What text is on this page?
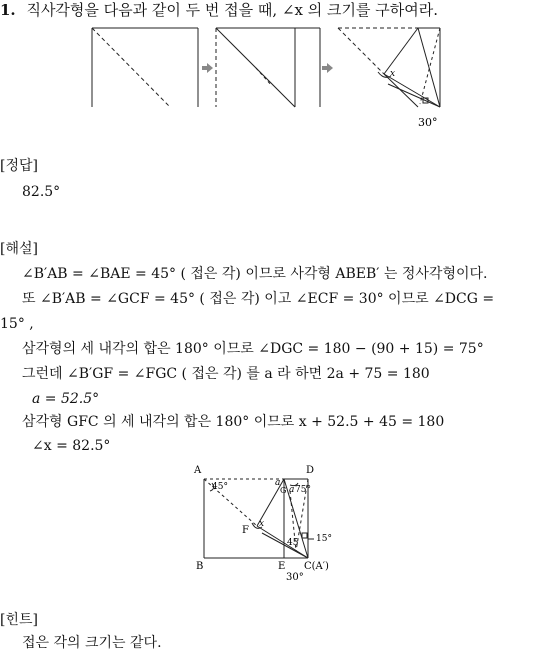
1. 직사각형을 다음과 같이 두 번 접을 때, ∠x 의 크기를 구하여라.
x
30°
[정답]
82.5°
[해설]
∠B′AB = ∠BAE = 45° ( 접은 각) 이므로 사각형 ABEB′ 는 정사각형이다.
또 ∠B′AB = ∠GCF = 45° ( 접은 각) 이고 ∠ECF = 30° 이므로 ∠DCG =
15° ,
삼각형의 세 내각의 합은 180° 이므로 ∠DGC = 180 − (90 + 15) = 75°
그런데 ∠B′GF = ∠FGC ( 접은 각) 를 a 라 하면 2a + 75 = 180
a = 52.5°
삼각형 GFC 의 세 내각의 합은 180° 이므로 x + 52.5 + 45 = 180
∠x = 82.5°
A	D
B	E C(A′)
F
G
a
a
x
45°
45
75°
15°
30°
[힌트]
접은 각의 크기는 같다.
